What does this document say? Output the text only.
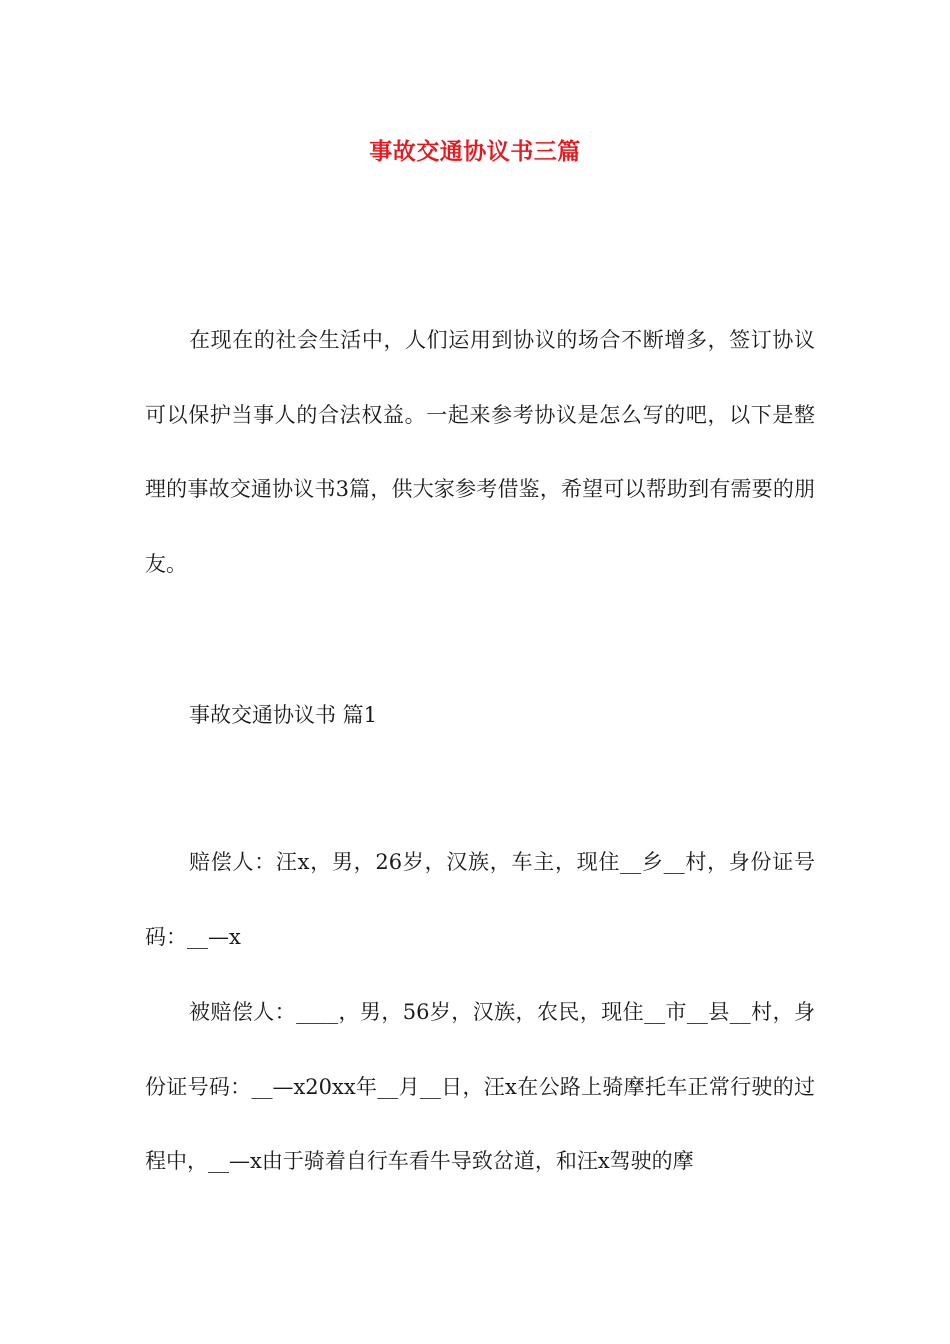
事故交通协议书三篇

在现在的社会生活中，人们运用到协议的场合不断增多，签订协议可以保护当事人的合法权益。一起来参考协议是怎么写的吧，以下是整理的事故交通协议书3篇，供大家参考借鉴，希望可以帮助到有需要的朋友。

事故交通协议书 篇1

赔偿人：汪x，男，26岁，汉族，车主，现住__乡__村，身份证号码：__—x

被赔偿人：____，男，56岁，汉族，农民，现住__市__县__村，身份证号码：__—x20xx年__月__日，汪x在公路上骑摩托车正常行驶的过程中，__—x由于骑着自行车看牛导致岔道，和汪x驾驶的摩
